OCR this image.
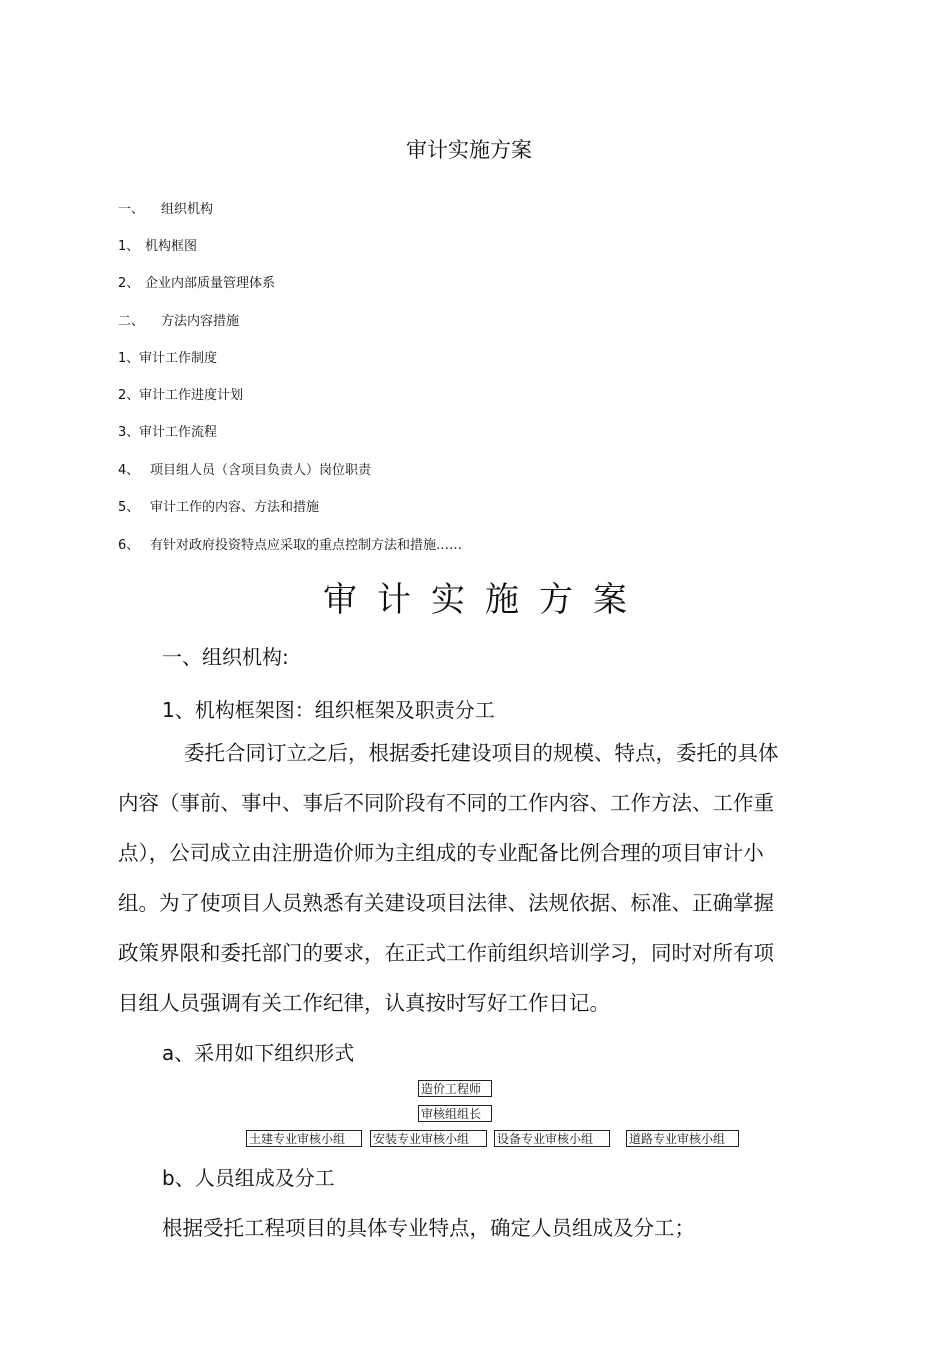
审计实施方案
一、 组织机构
1、 机构框图
2、 企业内部质量管理体系
二、 方法内容措施
1、 审计工作制度
2、 审计工作进度计划
3、 审计工作流程
4、 项目组人员（含项目负责人）岗位职责
5、 审计工作的内容、方法和措施
6、 有针对政府投资特点应采取的重点控制方法和措施……
审计实施方案
一、组织机构:
1、机构框架图：组织框架及职责分工
委托合同订立之后，根据委托建设项目的规模、特点，委托的具体
内容（事前、事中、事后不同阶段有不同的工作内容、工作方法、工作重
点），公司成立由注册造价师为主组成的专业配备比例合理的项目审计小
组。为了使项目人员熟悉有关建设项目法律、法规依据、标准、正确掌握
政策界限和委托部门的要求，在正式工作前组织培训学习，同时对所有项
目组人员强调有关工作纪律，认真按时写好工作日记。
a、采用如下组织形式
造价工程师
审核组组长
土建专业审核小组	安装专业审核小组	设备专业审核小组	道路专业审核小组
b、人员组成及分工
根据受托工程项目的具体专业特点，确定人员组成及分工；
